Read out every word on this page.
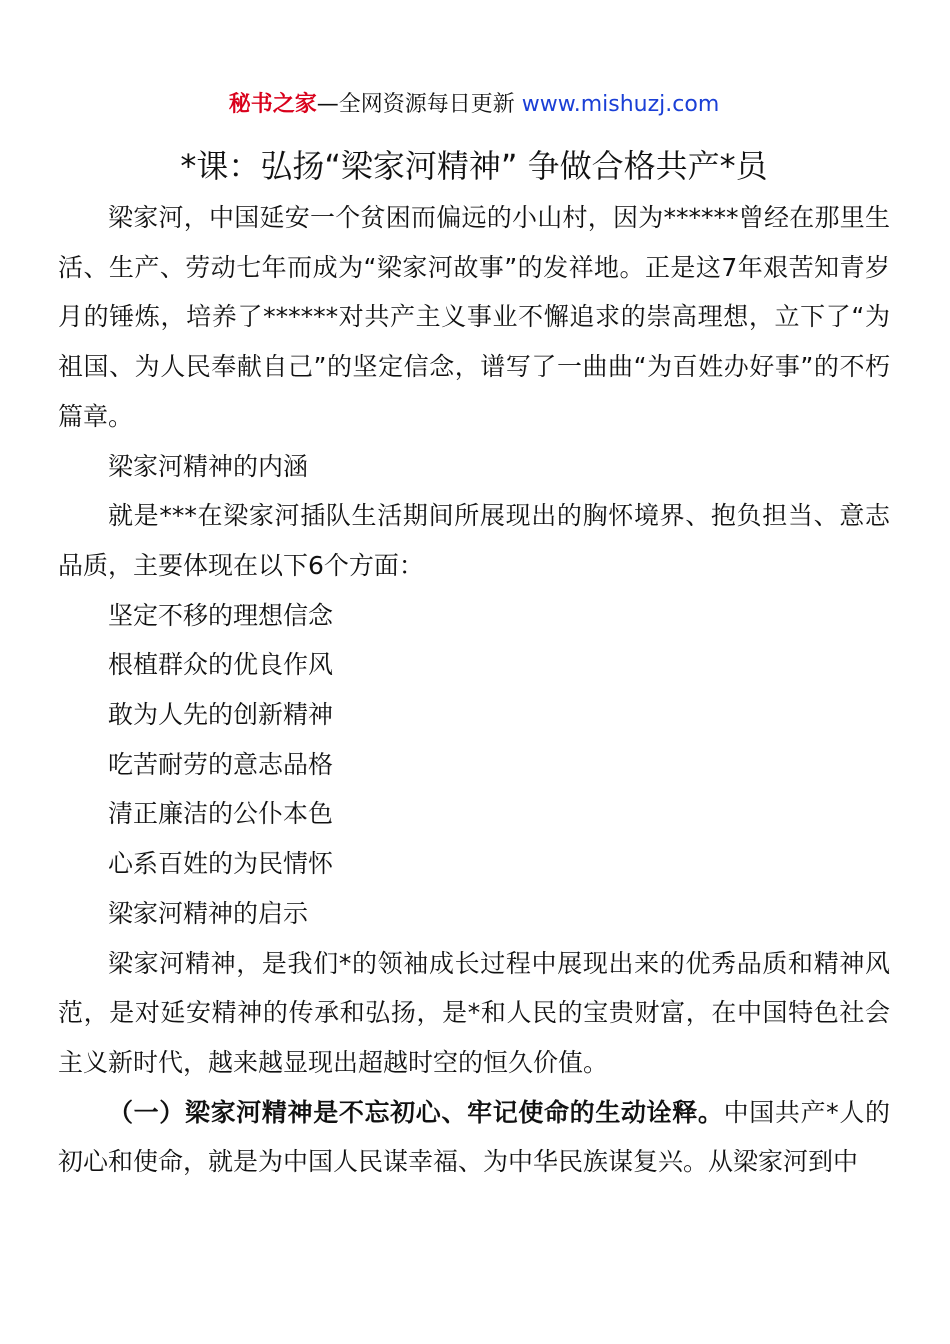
秘书之家—全网资源每日更新 www.mishuzj.com
*课：弘扬“梁家河精神” 争做合格共产*员

梁家河，中国延安一个贫困而偏远的小山村，因为******曾经在那里生活、生产、劳动七年而成为“梁家河故事”的发祥地。正是这7年艰苦知青岁月的锤炼，培养了******对共产主义事业不懈追求的崇高理想，立下了“为祖国、为人民奉献自己”的坚定信念，谱写了一曲曲“为百姓办好事”的不朽篇章。

梁家河精神的内涵

就是***在梁家河插队生活期间所展现出的胸怀境界、抱负担当、意志品质，主要体现在以下6个方面：

坚定不移的理想信念

根植群众的优良作风

敢为人先的创新精神

吃苦耐劳的意志品格

清正廉洁的公仆本色

心系百姓的为民情怀

梁家河精神的启示

梁家河精神，是我们*的领袖成长过程中展现出来的优秀品质和精神风范，是对延安精神的传承和弘扬，是*和人民的宝贵财富，在中国特色社会主义新时代，越来越显现出超越时空的恒久价值。

（一）梁家河精神是不忘初心、牢记使命的生动诠释。中国共产*人的初心和使命，就是为中国人民谋幸福、为中华民族谋复兴。从梁家河到中
